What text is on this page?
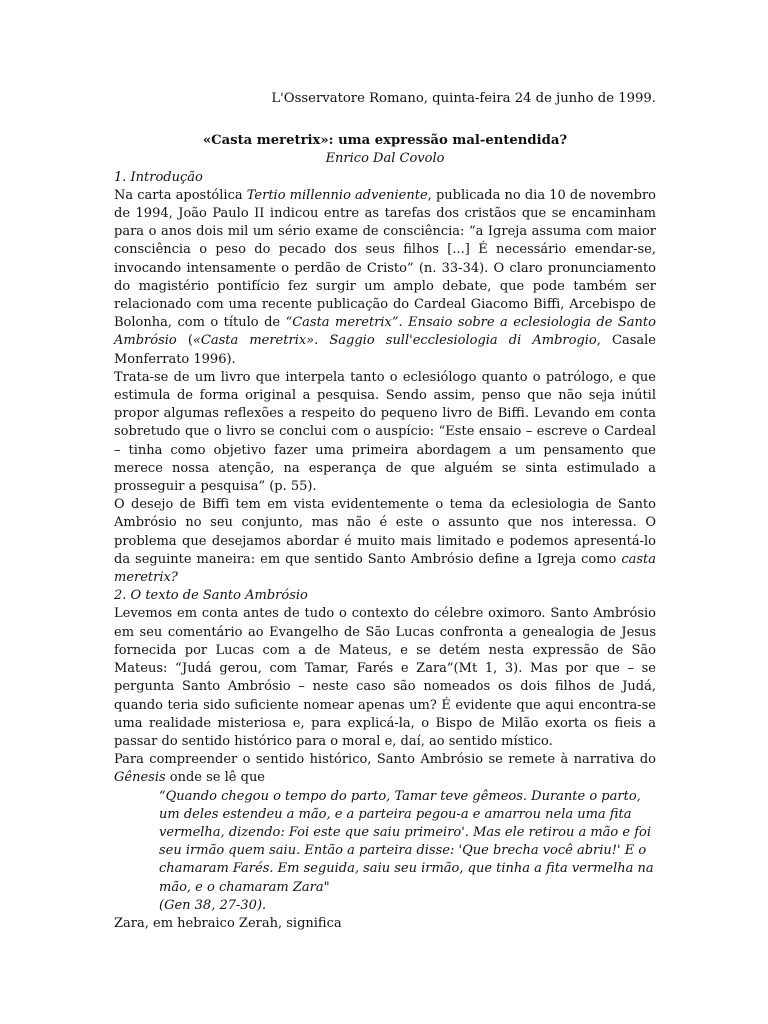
L'Osservatore Romano, quinta-feira 24 de junho de 1999.

«Casta meretrix»: uma expressão mal-entendida?

Enrico Dal Covolo

1. Introdução

Na carta apostólica Tertio millennio adveniente, publicada no dia 10 de novembro de 1994, João Paulo II indicou entre as tarefas dos cristãos que se encaminham para o anos dois mil um sério exame de consciência: “a Igreja assuma com maior consciência o peso do pecado dos seus filhos [...] É necessário emendar-se, invocando intensamente o perdão de Cristo” (n. 33-34). O claro pronunciamento do magistério pontifício fez surgir um amplo debate, que pode também ser relacionado com uma recente publicação do Cardeal Giacomo Biffi, Arcebispo de Bolonha, com o título de “Casta meretrix”. Ensaio sobre a eclesiologia de Santo Ambrósio («Casta meretrix». Saggio sull'ecclesiologia di Ambrogio, Casale Monferrato 1996).

Trata-se de um livro que interpela tanto o eclesiólogo quanto o patrólogo, e que estimula de forma original a pesquisa. Sendo assim, penso que não seja inútil propor algumas reflexões a respeito do pequeno livro de Biffi. Levando em conta sobretudo que o livro se conclui com o auspício: “Este ensaio – escreve o Cardeal – tinha como objetivo fazer uma primeira abordagem a um pensamento que merece nossa atenção, na esperança de que alguém se sinta estimulado a prosseguir a pesquisa” (p. 55).

O desejo de Biffi tem em vista evidentemente o tema da eclesiologia de Santo Ambrósio no seu conjunto, mas não é este o assunto que nos interessa. O problema que desejamos abordar é muito mais limitado e podemos apresentá-lo da seguinte maneira: em que sentido Santo Ambrósio define a Igreja como casta meretrix?

2. O texto de Santo Ambrósio

Levemos em conta antes de tudo o contexto do célebre oximoro. Santo Ambrósio em seu comentário ao Evangelho de São Lucas confronta a genealogia de Jesus fornecida por Lucas com a de Mateus, e se detém nesta expressão de São Mateus: “Judá gerou, com Tamar, Farés e Zara”(Mt 1, 3). Mas por que – se pergunta Santo Ambrósio – neste caso são nomeados os dois filhos de Judá, quando teria sido suficiente nomear apenas um? É evidente que aqui encontra-se uma realidade misteriosa e, para explicá-la, o Bispo de Milão exorta os fieis a passar do sentido histórico para o moral e, daí, ao sentido místico.

Para compreender o sentido histórico, Santo Ambrósio se remete à narrativa do Gênesis onde se lê que

“Quando chegou o tempo do parto, Tamar teve gêmeos. Durante o parto, um deles estendeu a mão, e a parteira pegou-a e amarrou nela uma fita vermelha, dizendo: Foi este que saiu primeiro'. Mas ele retirou a mão e foi seu irmão quem saiu. Então a parteira disse: 'Que brecha você abriu!' E o chamaram Farés. Em seguida, saiu seu irmão, que tinha a fita vermelha na mão, e o chamaram Zara"
(Gen 38, 27-30).

Zara, em hebraico Zerah, significa
